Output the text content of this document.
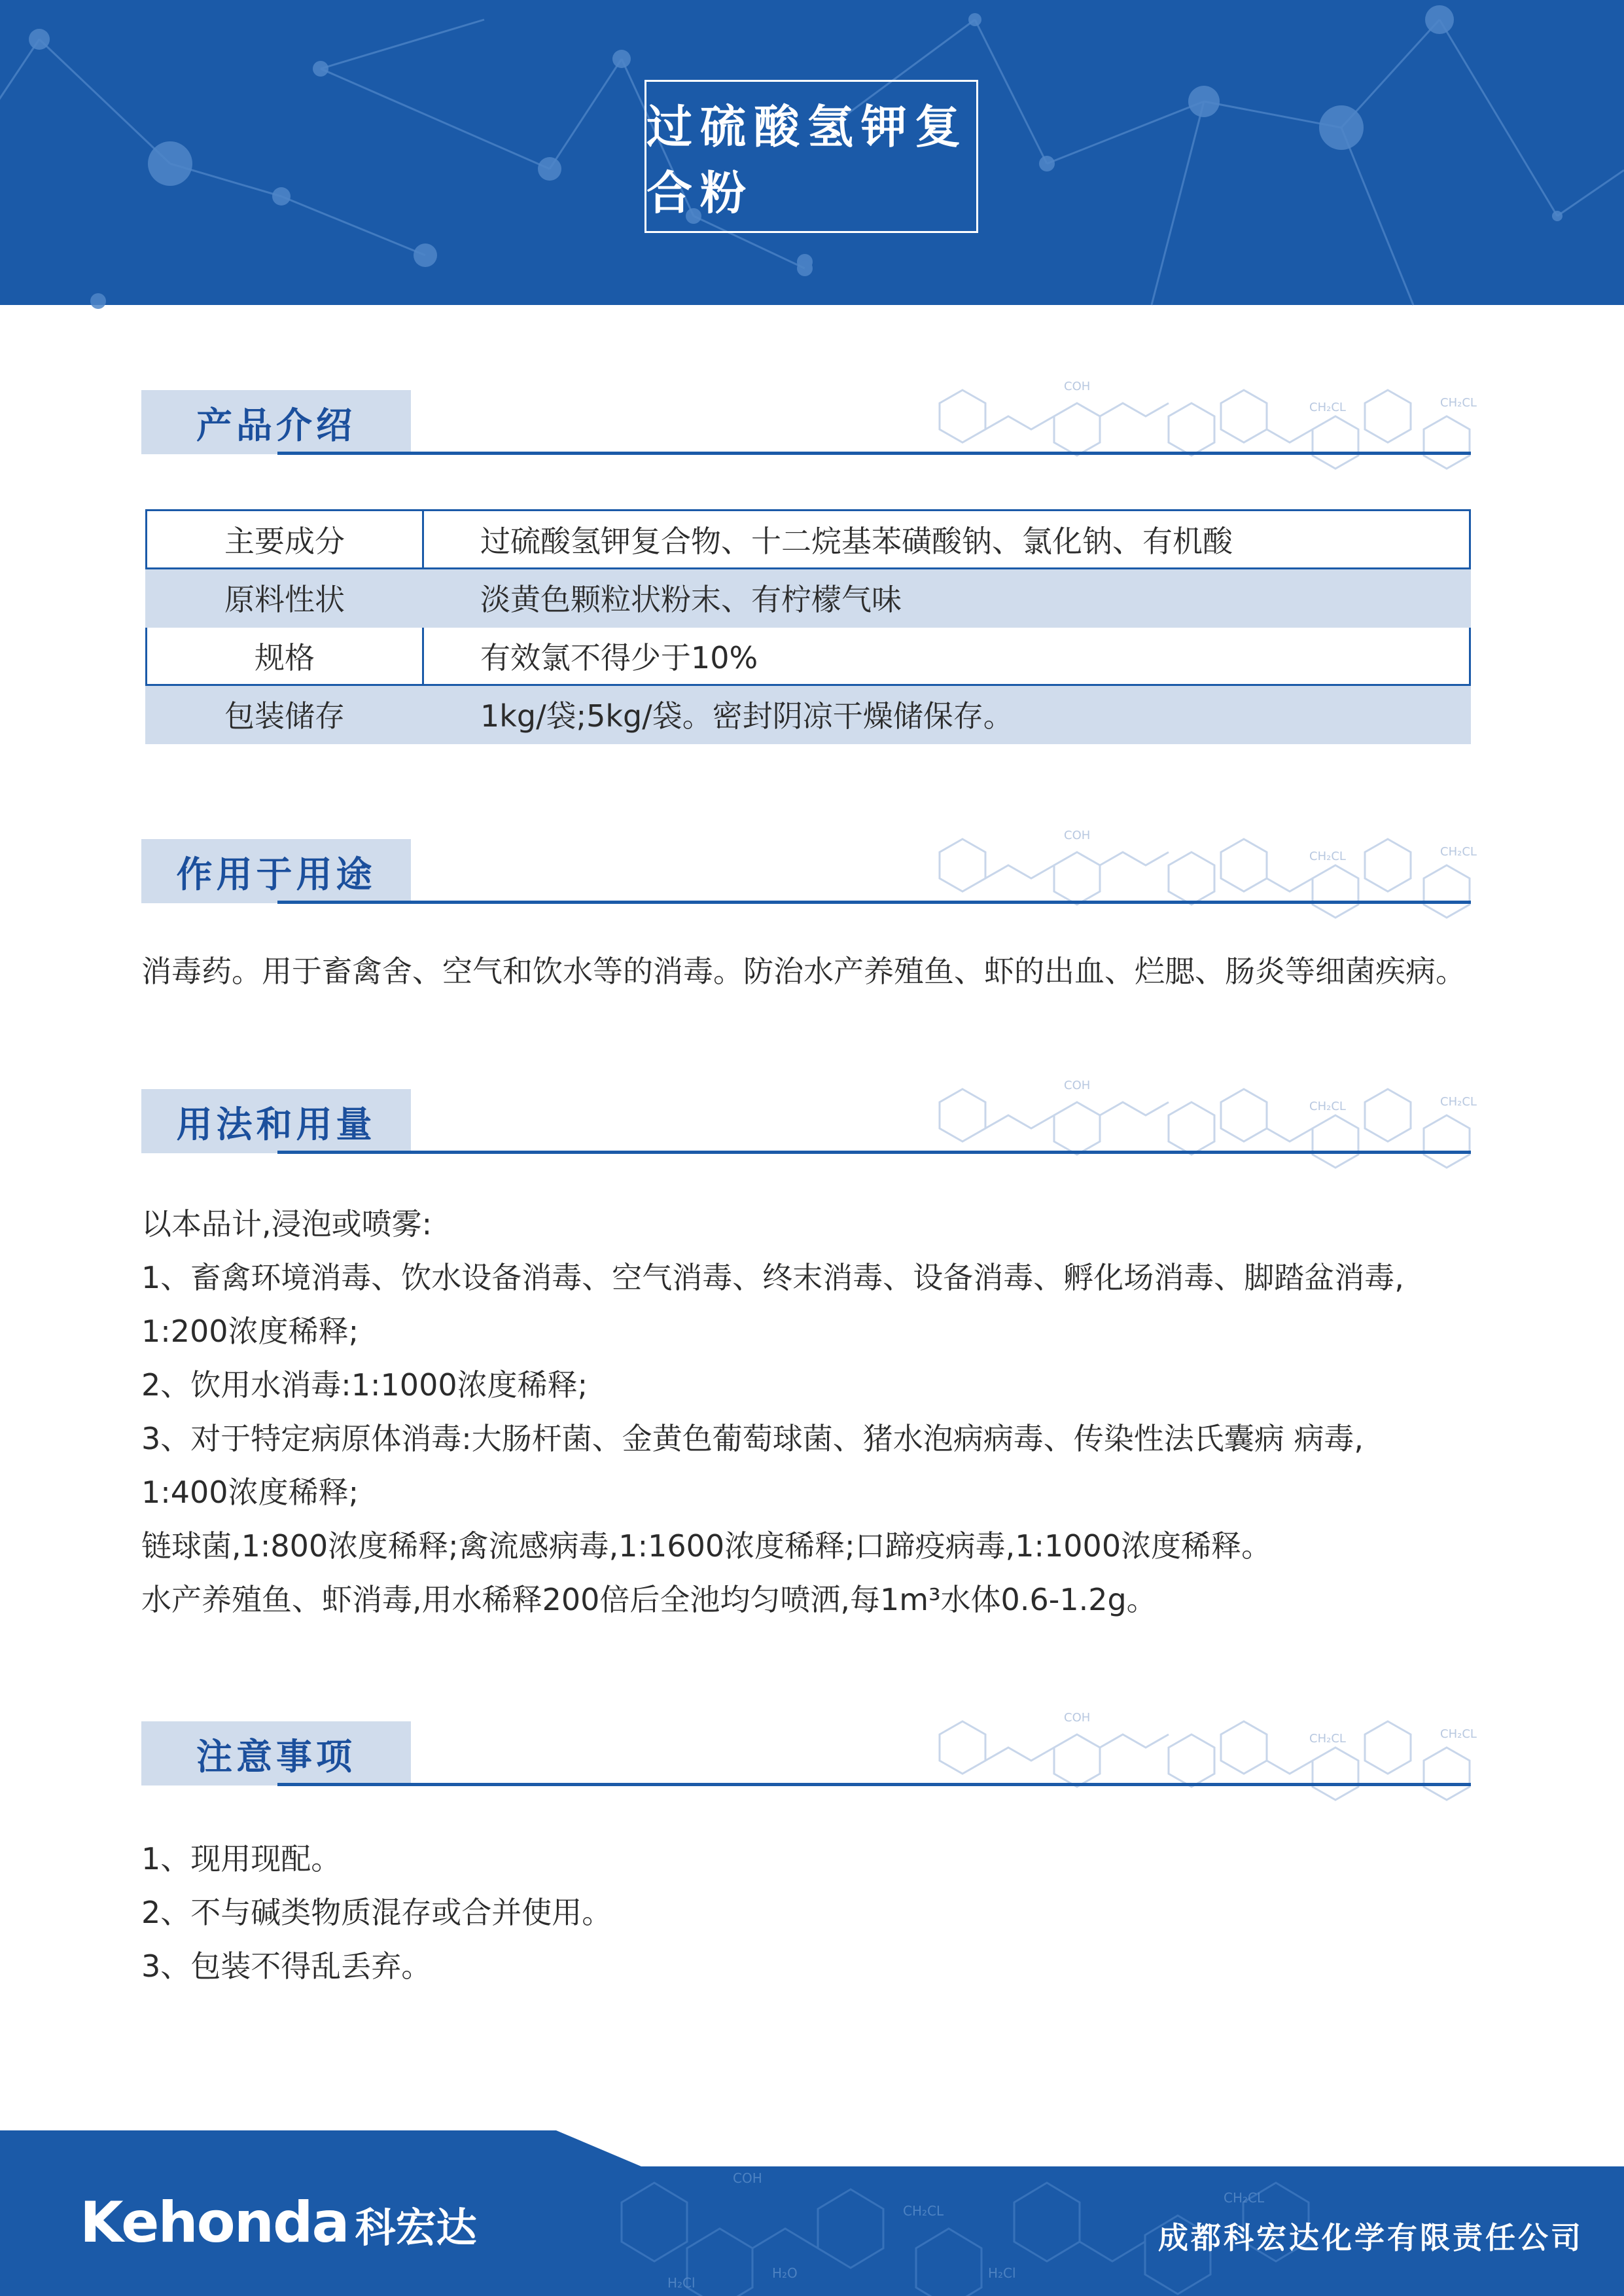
过硫酸氢钾复合粉
COH
CH₂CL	CH₂CL
产品介绍
主要成分	过硫酸氢钾复合物、十二烷基苯磺酸钠、氯化钠、有机酸
原料性状	淡黄色颗粒状粉末、有柠檬气味
规格	有效氯不得少于10%
包装储存	1kg/袋;5kg/袋。密封阴凉干燥储保存。
COH
CH₂CL	CH₂CL
作用于用途
消毒药。用于畜禽舍、空气和饮水等的消毒。防治水产养殖鱼、虾的出血、烂腮、肠炎等细菌疾病。
COH
CH₂CL	CH₂CL
用法和用量
以本品计,浸泡或喷雾:
1、畜禽环境消毒、饮水设备消毒、空气消毒、终末消毒、设备消毒、孵化场消毒、脚踏盆消毒,
1:200浓度稀释;
2、饮用水消毒:1:1000浓度稀释;
3、对于特定病原体消毒:大肠杆菌、金黄色葡萄球菌、猪水泡病病毒、传染性法氏囊病 病毒,
1:400浓度稀释;
链球菌,1:800浓度稀释;禽流感病毒,1:1600浓度稀释;口蹄疫病毒,1:1000浓度稀释。
水产养殖鱼、虾消毒,用水稀释200倍后全池均匀喷洒,每1m³水体0.6-1.2g。
COH
CH₂CL	CH₂CL
注意事项
1、现用现配。
2、不与碱类物质混存或合并使用。
3、包装不得乱丢弃。
COH
CH₂CL
H₂Cl
H₂O	H₂Cl
CH₂CL
Kehonda 科宏达	成都科宏达化学有限责任公司
